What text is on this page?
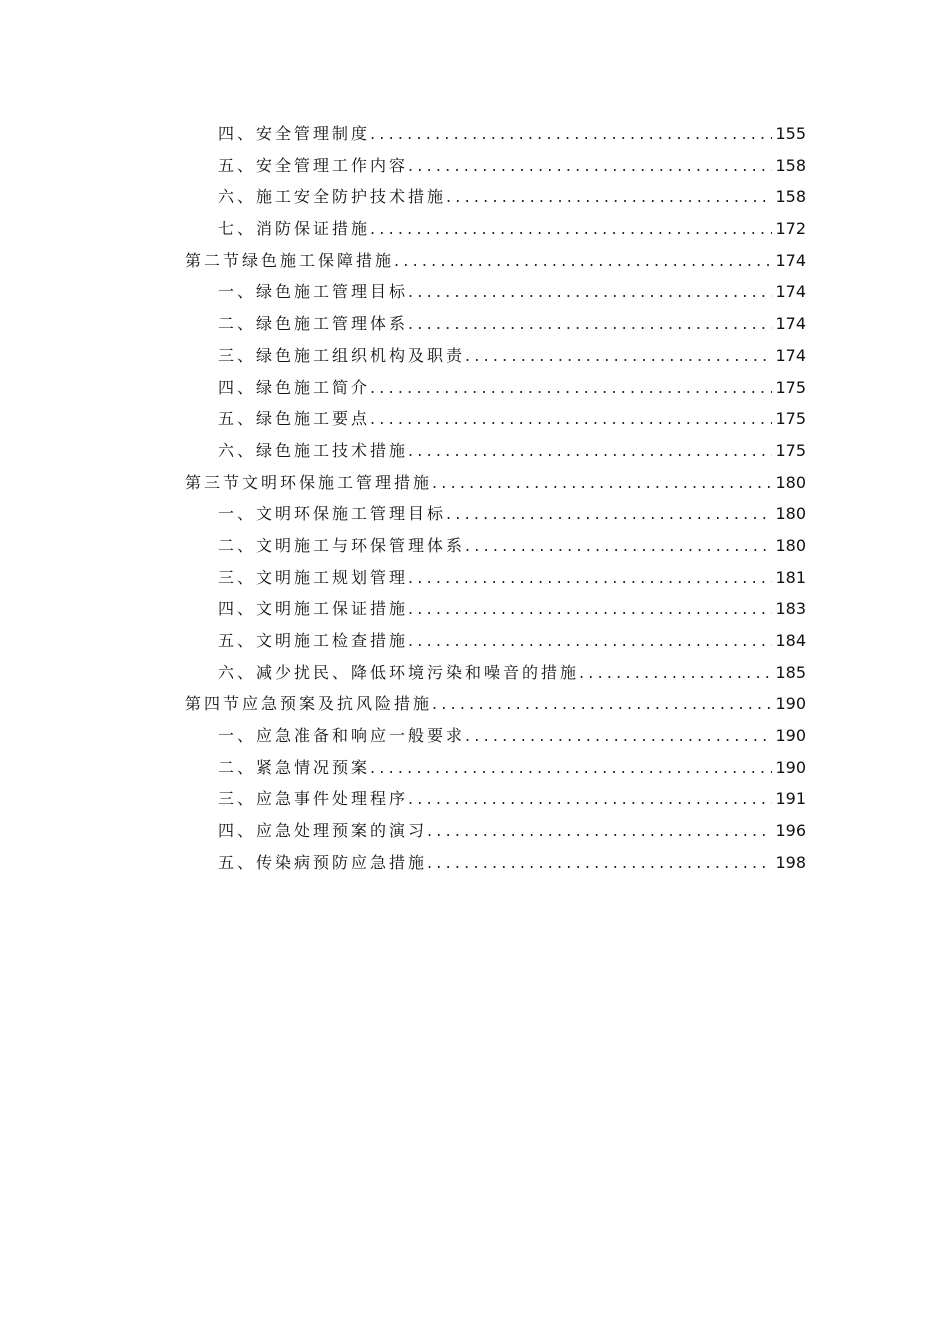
四、安全管理制度 .....	155
五、安全管理工作内容 .....	158
六、施工安全防护技术措施 .....	158
七、消防保证措施 .....	172
第二节绿色施工保障措施 .....	174
一、绿色施工管理目标 .....	174
二、绿色施工管理体系 .....	174
三、绿色施工组织机构及职责 .....	174
四、绿色施工简介 .....	175
五、绿色施工要点 .....	175
六、绿色施工技术措施 .....	175
第三节文明环保施工管理措施 .....	180
一、文明环保施工管理目标 .....	180
二、文明施工与环保管理体系 .....	180
三、文明施工规划管理 .....	181
四、文明施工保证措施 .....	183
五、文明施工检查措施 .....	184
六、减少扰民、降低环境污染和噪音的措施 .....	185
第四节应急预案及抗风险措施 .....	190
一、应急准备和响应一般要求 .....	190
二、紧急情况预案 .....	190
三、应急事件处理程序 .....	191
四、应急处理预案的演习 .....	196
五、传染病预防应急措施 .....	198
